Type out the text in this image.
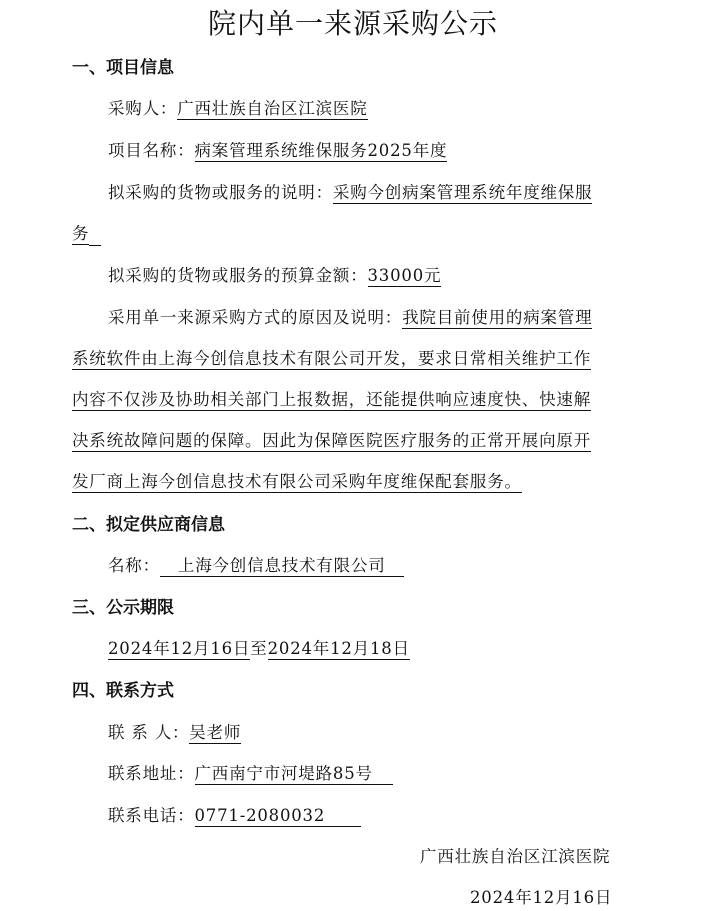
院内单一来源采购公示
一、项目信息
采购人：广西壮族自治区江滨医院
项目名称：病案管理系统维保服务2025年度
拟采购的货物或服务的说明：采购今创病案管理系统年度维保服
务
拟采购的货物或服务的预算金额：33000元
采用单一来源采购方式的原因及说明：我院目前使用的病案管理
系统软件由上海今创信息技术有限公司开发，要求日常相关维护工作
内容不仅涉及协助相关部门上报数据，还能提供响应速度快、快速解
决系统故障问题的保障。因此为保障医院医疗服务的正常开展向原开
发厂商上海今创信息技术有限公司采购年度维保配套服务。
二、拟定供应商信息
名称： 上海今创信息技术有限公司
三、公示期限
2024年12月16日至2024年12月18日
四、联系方式
联 系 人：吴老师
联系地址：广西南宁市河堤路85号
联系电话：0771-2080032
广西壮族自治区江滨医院
2024年12月16日
